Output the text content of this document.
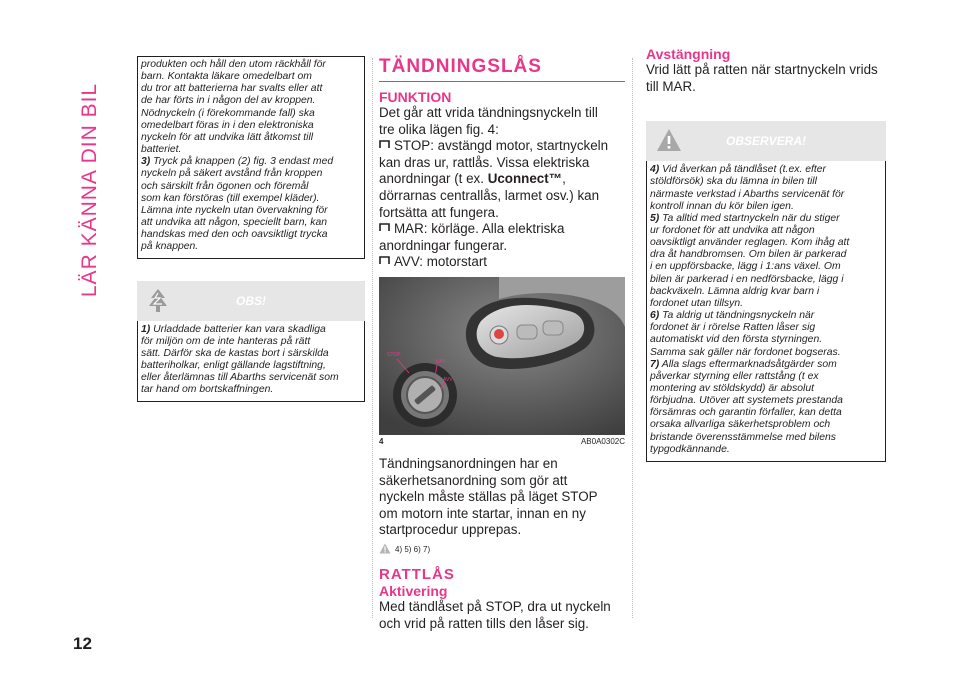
LÄR KÄNNA DIN BIL
12

produkten och håll den utom räckhåll för

barn. Kontakta läkare omedelbart om

du tror att batterierna har svalts eller att

de har förts in i någon del av kroppen.

Nödnyckeln (i förekommande fall) ska

omedelbart föras in i den elektroniska

nyckeln för att undvika lätt åtkomst till

batteriet.

3) Tryck på knappen (2) fig. 3 endast med

nyckeln på säkert avstånd från kroppen

och särskilt från ögonen och föremål

som kan förstöras (till exempel kläder).

Lämna inte nyckeln utan övervakning för

att undvika att någon, speciellt barn, kan

handskas med den och oavsiktligt trycka

på knappen.

OBS!

1) Urladdade batterier kan vara skadliga

för miljön om de inte hanteras på rätt

sätt. Därför ska de kastas bort i särskilda

batteriholkar, enligt gällande lagstiftning,

eller återlämnas till Abarths servicenät som

tar hand om bortskaffningen.

TÄNDNINGSLÅS
FUNKTION

Det går att vrida tändningsnyckeln till

tre olika lägen fig. 4:

STOP: avstängd motor, startnyckeln

kan dras ur, rattlås. Vissa elektriska

anordningar (t ex. Uconnect™,

dörrarnas centrallås, larmet osv.) kan

fortsätta att fungera.

MAR: körläge. Alla elektriska

anordningar fungerar.

AVV: motorstart

STOP
MAR
AVV
4	AB0A0302C

Tändningsanordningen har en

säkerhetsanordning som gör att

nyckeln måste ställas på läget STOP

om motorn inte startar, innan en ny

startprocedur upprepas.

4) 5) 6) 7)
RATTLÅS
Aktivering

Med tändlåset på STOP, dra ut nyckeln

och vrid på ratten tills den låser sig.

Avstängning

Vrid lätt på ratten när startnyckeln vrids

till MAR.

OBSERVERA!

4) Vid åverkan på tändlåset (t.ex. efter

stöldförsök) ska du lämna in bilen till

närmaste verkstad i Abarths servicenät för

kontroll innan du kör bilen igen.

5) Ta alltid med startnyckeln när du stiger

ur fordonet för att undvika att någon

oavsiktligt använder reglagen. Kom ihåg att

dra åt handbromsen. Om bilen är parkerad

i en uppförsbacke, lägg i 1:ans växel. Om

bilen är parkerad i en nedförsbacke, lägg i

backväxeln. Lämna aldrig kvar barn i

fordonet utan tillsyn.

6) Ta aldrig ut tändningsnyckeln när

fordonet är i rörelse Ratten låser sig

automatiskt vid den första styrningen.

Samma sak gäller när fordonet bogseras.

7) Alla slags eftermarknadsåtgärder som

påverkar styrning eller rattstång (t ex

montering av stöldskydd) är absolut

förbjudna. Utöver att systemets prestanda

försämras och garantin förfaller, kan detta

orsaka allvarliga säkerhetsproblem och

bristande överensstämmelse med bilens

typgodkännande.
